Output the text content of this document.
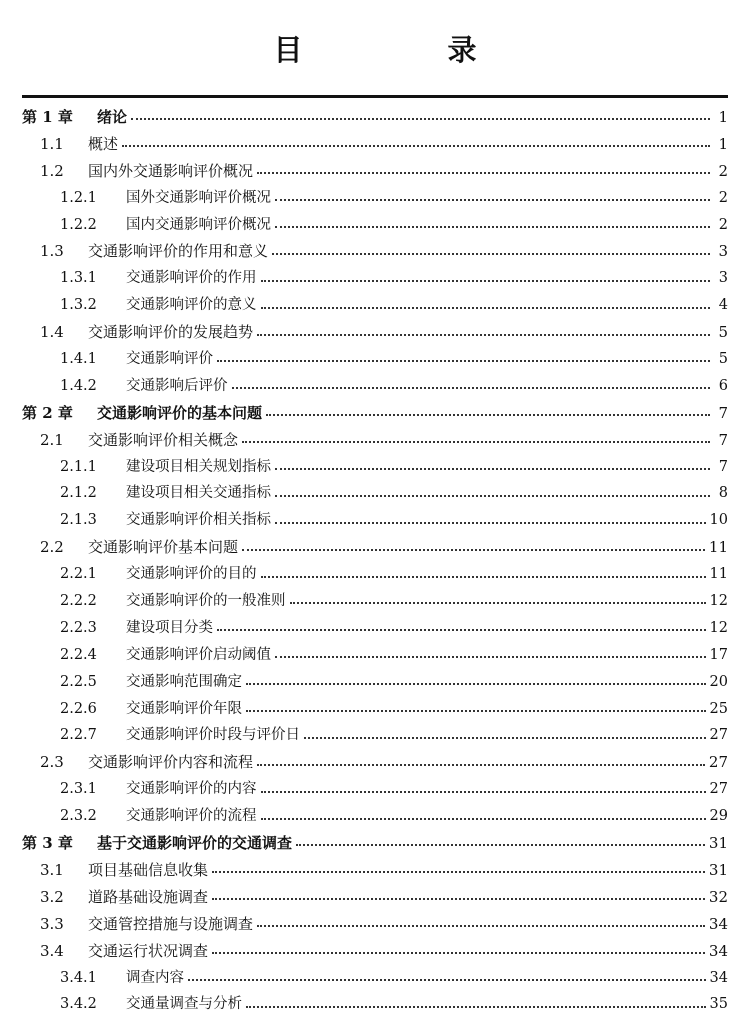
目　录
第 1 章	绪论	1
1.1	概述	1
1.2	国内外交通影响评价概况	2
1.2.1	国外交通影响评价概况	2
1.2.2	国内交通影响评价概况	2
1.3	交通影响评价的作用和意义	3
1.3.1	交通影响评价的作用	3
1.3.2	交通影响评价的意义	4
1.4	交通影响评价的发展趋势	5
1.4.1	交通影响评价	5
1.4.2	交通影响后评价	6
第 2 章	交通影响评价的基本问题	7
2.1	交通影响评价相关概念	7
2.1.1	建设项目相关规划指标	7
2.1.2	建设项目相关交通指标	8
2.1.3	交通影响评价相关指标	10
2.2	交通影响评价基本问题	11
2.2.1	交通影响评价的目的	11
2.2.2	交通影响评价的一般准则	12
2.2.3	建设项目分类	12
2.2.4	交通影响评价启动阈值	17
2.2.5	交通影响范围确定	20
2.2.6	交通影响评价年限	25
2.2.7	交通影响评价时段与评价日	27
2.3	交通影响评价内容和流程	27
2.3.1	交通影响评价的内容	27
2.3.2	交通影响评价的流程	29
第 3 章	基于交通影响评价的交通调查	31
3.1	项目基础信息收集	31
3.2	道路基础设施调查	32
3.3	交通管控措施与设施调查	34
3.4	交通运行状况调查	34
3.4.1	调查内容	34
3.4.2	交通量调查与分析	35
